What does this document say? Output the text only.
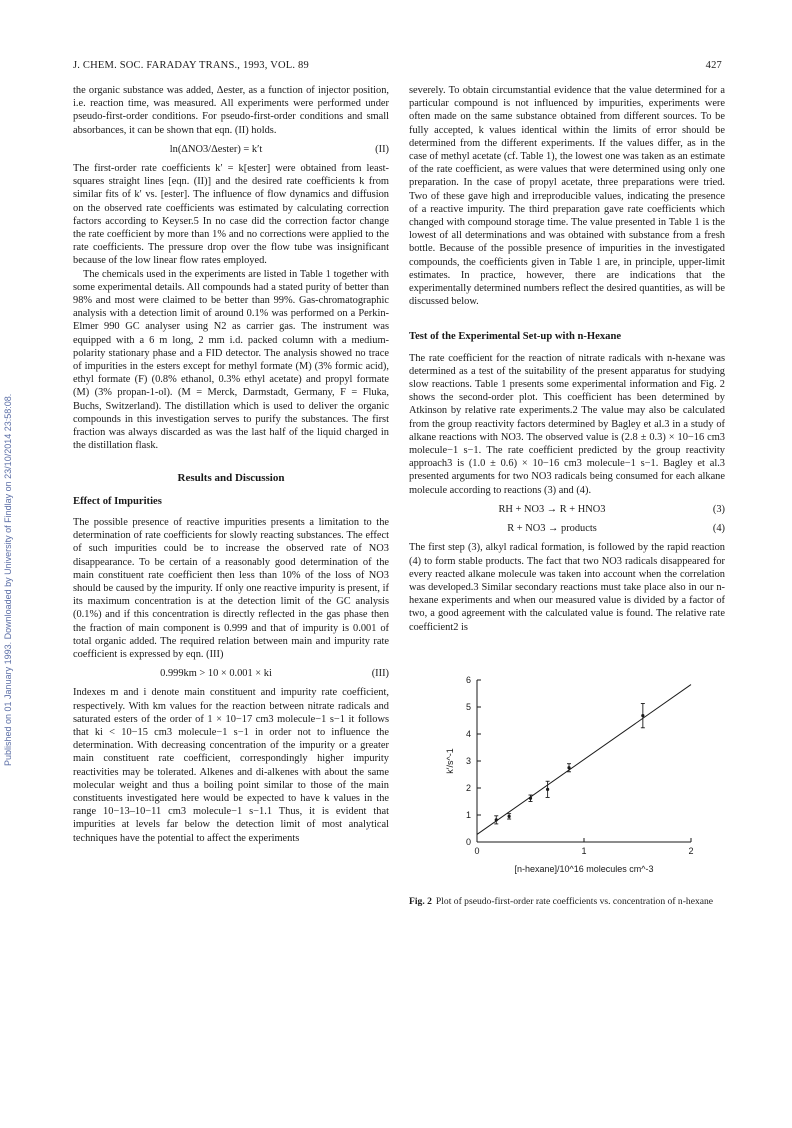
J. CHEM. SOC. FARADAY TRANS., 1993, VOL. 89	427
Published on 01 January 1993. Downloaded by University of Findlay on 23/10/2014 23:58:08.

the organic substance was added, Δester, as a function of injector position, i.e. reaction time, was measured. All experiments were performed under pseudo-first-order conditions. For pseudo-first-order conditions and small absorbances, it can be shown that eqn. (II) holds.

ln(ΔNO3/Δester) = k′t	(II)

The first-order rate coefficients k′ = k[ester] were obtained from least-squares straight lines [eqn. (II)] and the desired rate coefficients k from similar fits of k′ vs. [ester]. The influence of flow dynamics and diffusion on the observed rate coefficients was estimated by calculating correction factors according to Keyser.5 In no case did the correction factor change the rate coefficient by more than 1% and no corrections were applied to the rate coefficients. The pressure drop over the flow tube was insignificant because of the low linear flow rates employed.

The chemicals used in the experiments are listed in Table 1 together with some experimental details. All compounds had a stated purity of better than 98% and most were claimed to be better than 99%. Gas-chromatographic analysis with a detection limit of around 0.1% was performed on a Perkin-Elmer 990 GC analyser using N2 as carrier gas. The instrument was equipped with a 6 m long, 2 mm i.d. packed column with a medium-polarity stationary phase and a FID detector. The analysis showed no trace of impurities in the esters except for methyl formate (M) (3% formic acid), ethyl formate (F) (0.8% ethanol, 0.3% ethyl acetate) and propyl formate (M) (3% propan-1-ol). (M = Merck, Darmstadt, Germany, F = Fluka, Buchs, Switzerland). The distillation which is used to deliver the organic compounds in this investigation serves to purify the substances. The first fraction was always discarded as was the last half of the liquid charged in the distillation flask.

Results and Discussion
Effect of Impurities

The possible presence of reactive impurities presents a limitation to the determination of rate coefficients for slowly reacting substances. The effect of such impurities could be to increase the observed rate of NO3 disappearance. To be certain of a reasonably good determination of the main constituent rate coefficient then less than 10% of the loss of NO3 should be caused by the impurity. If only one reactive impurity is present, if its maximum concentration is at the detection limit of the GC analysis (0.1%) and if this concentration is directly reflected in the gas phase then the fraction of main component is 0.999 and that of impurity is 0.001 of total organic added. The required relation between main and impurity rate coefficient is expressed by eqn. (III)

0.999km > 10 × 0.001 × ki	(III)

Indexes m and i denote main constituent and impurity rate coefficient, respectively. With km values for the reaction between nitrate radicals and saturated esters of the order of 1 × 10−17 cm3 molecule−1 s−1 it follows that ki < 10−15 cm3 molecule−1 s−1 in order not to influence the determination. With decreasing concentration of the impurity or a greater main constituent rate coefficient, correspondingly higher impurity reactivities may be tolerated. Alkenes and di-alkenes with about the same molecular weight and thus a boiling point similar to those of the main constituents investigated here would be expected to have k values in the range 10−13–10−11 cm3 molecule−1 s−1.1 Thus, it is evident that impurities at levels far below the detection limit of most analytical techniques have the potential to affect the experiments

severely. To obtain circumstantial evidence that the value determined for a particular compound is not influenced by impurities, experiments were often made on the same substance obtained from different sources. To be fully accepted, k values identical within the limits of error should be determined from the different experiments. If the values differ, as in the case of methyl acetate (cf. Table 1), the lowest one was taken as an estimate of the rate coefficient, as were values that were determined using only one preparation. In the case of propyl acetate, three preparations were tried. Two of these gave high and irreproducible values, indicating the presence of a reactive impurity. The third preparation gave rate coefficients which changed with compound storage time. The value presented in Table 1 is the lowest of all determinations and was obtained with substance from a fresh bottle. Because of the possible presence of impurities in the investigated compounds, the coefficients given in Table 1 are, in principle, upper-limit estimates. In practice, however, there are indications that the experimentally determined numbers reflect the desired quantities, as will be discussed below.

Test of the Experimental Set-up with n-Hexane

The rate coefficient for the reaction of nitrate radicals with n-hexane was determined as a test of the suitability of the present apparatus for studying slow reactions. Table 1 presents some experimental information and Fig. 2 shows the second-order plot. This coefficient has been determined by Atkinson by relative rate experiments.2 The value may also be calculated from the group reactivity factors determined by Bagley et al.3 in a study of alkane reactions with NO3. The observed value is (2.8 ± 0.3) × 10−16 cm3 molecule−1 s−1. The rate coefficient predicted by the group reactivity approach3 is (1.0 ± 0.6) × 10−16 cm3 molecule−1 s−1. Bagley et al.3 presented arguments for two NO3 radicals being consumed for each alkane molecule according to reactions (3) and (4).

RH + NO3 → R + HNO3	(3)
R + NO3 → products	(4)

The first step (3), alkyl radical formation, is followed by the rapid reaction (4) to form stable products. The fact that two NO3 radicals disappeared for every reacted alkane molecule was taken into account when the correlation was developed.3 Similar secondary reactions must take place also in our n-hexane experiments and when our measured value is divided by a factor of two, a good agreement with the calculated value is found. The relative rate coefficient2 is

0
1
2
3
4
5
6
0	1	2
[n-hexane]/10^16 molecules cm^-3
k′/s^-1

Fig. 2 Plot of pseudo-first-order rate coefficients vs. concentration of n-hexane
